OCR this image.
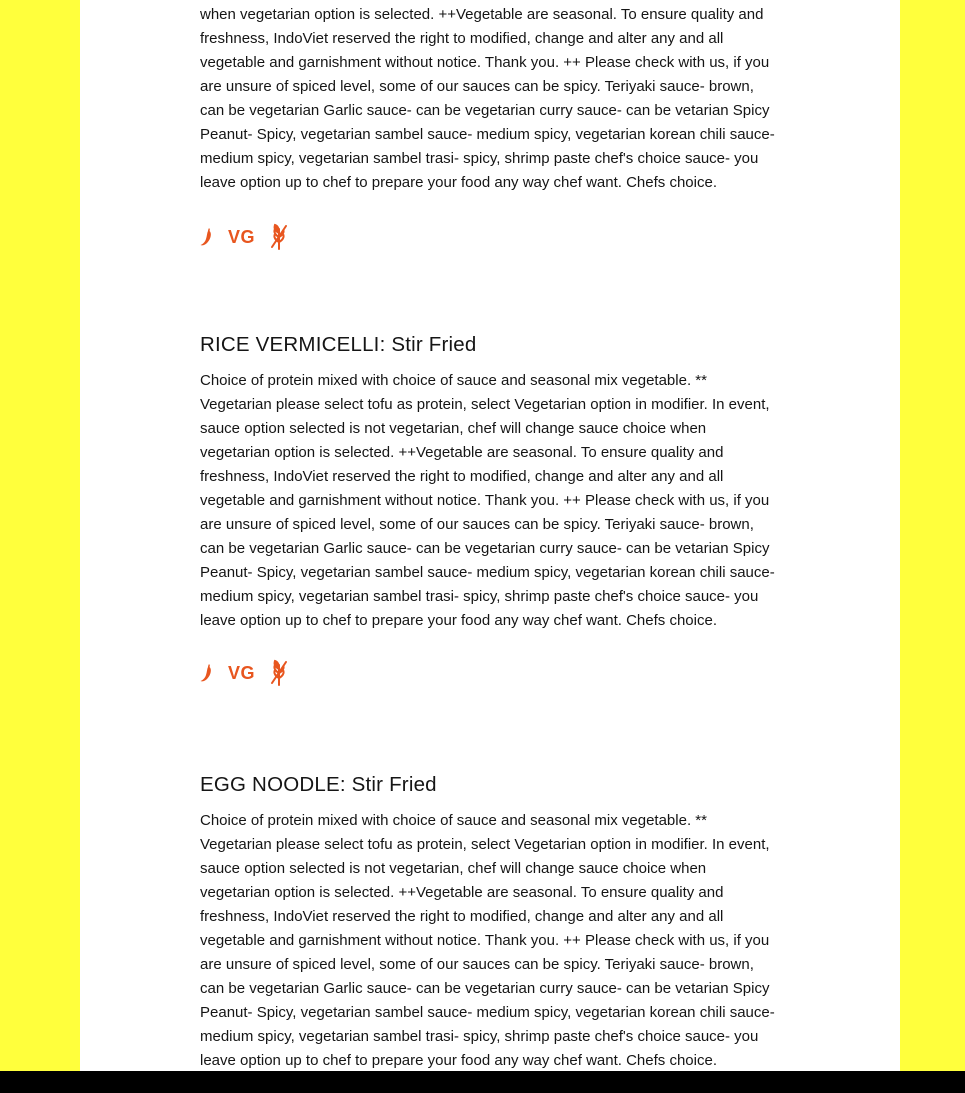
when vegetarian option is selected. ++Vegetable are seasonal. To ensure quality and freshness, IndoViet reserved the right to modified, change and alter any and all vegetable and garnishment without notice. Thank you. ++ Please check with us, if you are unsure of spiced level, some of our sauces can be spicy. Teriyaki sauce- brown, can be vegetarian Garlic sauce- can be vegetarian curry sauce- can be vetarian Spicy Peanut- Spicy, vegetarian sambel sauce- medium spicy, vegetarian korean chili sauce- medium spicy, vegetarian sambel trasi- spicy, shrimp paste chef's choice sauce- you leave option up to chef to prepare your food any way chef want. Chefs choice.

VG
RICE VERMICELLI: Stir Fried

Choice of protein mixed with choice of sauce and seasonal mix vegetable. ** Vegetarian please select tofu as protein, select Vegetarian option in modifier. In event, sauce option selected is not vegetarian, chef will change sauce choice when vegetarian option is selected. ++Vegetable are seasonal. To ensure quality and freshness, IndoViet reserved the right to modified, change and alter any and all vegetable and garnishment without notice. Thank you. ++ Please check with us, if you are unsure of spiced level, some of our sauces can be spicy. Teriyaki sauce- brown, can be vegetarian Garlic sauce- can be vegetarian curry sauce- can be vetarian Spicy Peanut- Spicy, vegetarian sambel sauce- medium spicy, vegetarian korean chili sauce- medium spicy, vegetarian sambel trasi- spicy, shrimp paste chef's choice sauce- you leave option up to chef to prepare your food any way chef want. Chefs choice.

VG
EGG NOODLE: Stir Fried

Choice of protein mixed with choice of sauce and seasonal mix vegetable. ** Vegetarian please select tofu as protein, select Vegetarian option in modifier. In event, sauce option selected is not vegetarian, chef will change sauce choice when vegetarian option is selected. ++Vegetable are seasonal. To ensure quality and freshness, IndoViet reserved the right to modified, change and alter any and all vegetable and garnishment without notice. Thank you. ++ Please check with us, if you are unsure of spiced level, some of our sauces can be spicy. Teriyaki sauce- brown, can be vegetarian Garlic sauce- can be vegetarian curry sauce- can be vetarian Spicy Peanut- Spicy, vegetarian sambel sauce- medium spicy, vegetarian korean chili sauce- medium spicy, vegetarian sambel trasi- spicy, shrimp paste chef's choice sauce- you leave option up to chef to prepare your food any way chef want. Chefs choice.
